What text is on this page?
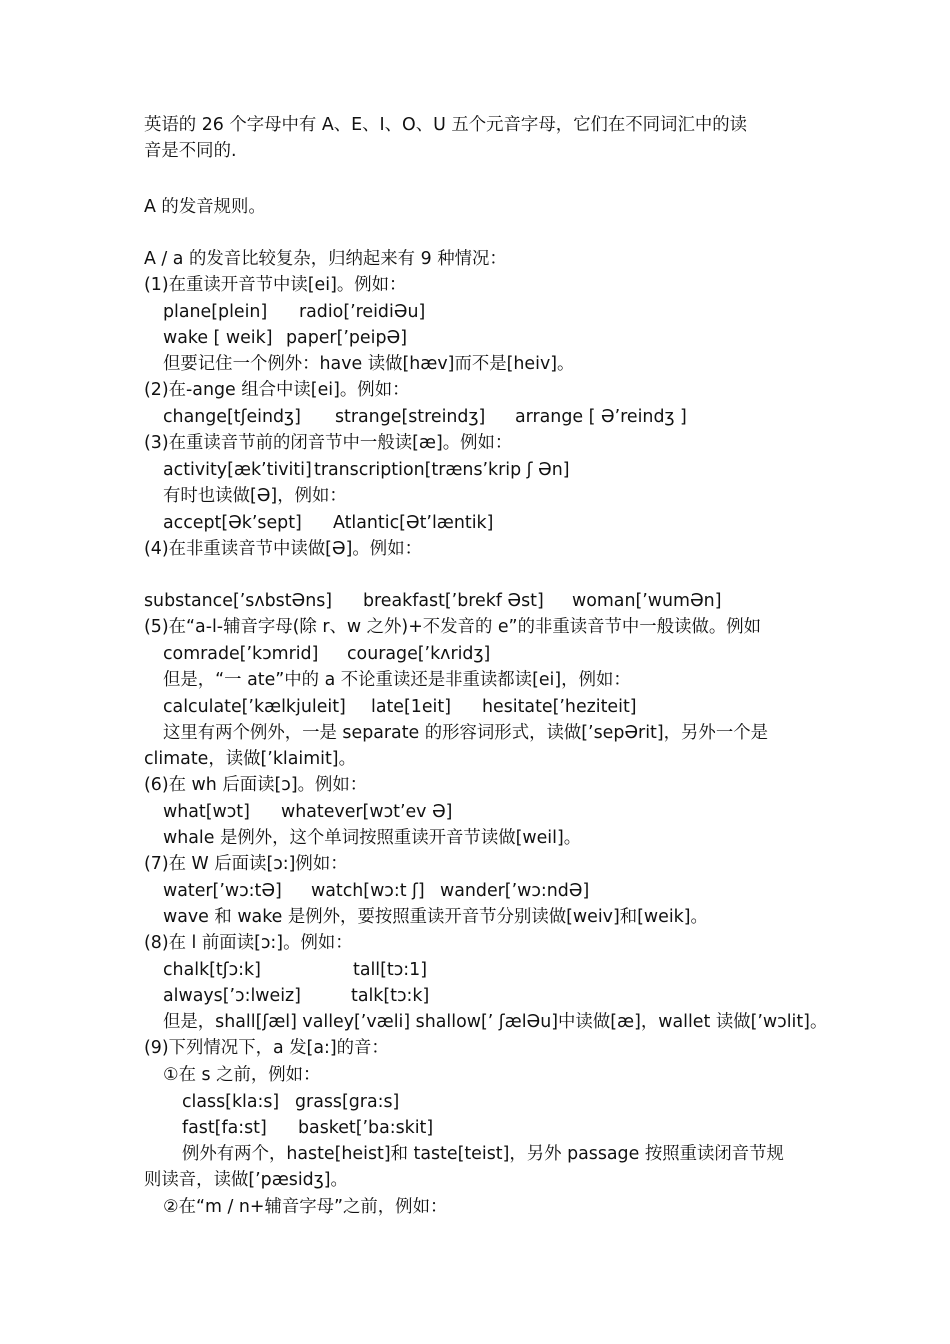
英语的 26 个字母中有 A、E、I、O、U 五个元音字母，它们在不同词汇中的读
音是不同的.
A 的发音规则。
A / a 的发音比较复杂，归纳起来有 9 种情况：
(1)在重读开音节中读[ei]。例如：
plane[plein] radio[’reidiƏu]
wake [ weik] paper[’peipƏ]
但要记住一个例外：have 读做[hæv]而不是[heiv]。
(2)在-ange 组合中读[ei]。例如：
change[tʃeindʒ] strange[streindʒ] arrange [ Ə’reindʒ ]
(3)在重读音节前的闭音节中一般读[æ]。例如：
activity[æk’tiviti] transcription[træns’krip ʃ Ən]
有时也读做[Ə]，例如：
accept[Ək’sept] Atlantic[Ət’læntik]
(4)在非重读音节中读做[Ə]。例如：
substance[’sʌbstƏns] breakfast[’brekf Əst] woman[’wumƏn]
(5)在“a-l-辅音字母(除 r、w 之外)+不发音的 e”的非重读音节中一般读做。例如
comrade[’kɔmrid] courage[’kʌridʒ]
但是，“一 ate”中的 a 不论重读还是非重读都读[ei]，例如：
calculate[’kælkjuleit] late[1eit] hesitate[’heziteit]
这里有两个例外，一是 separate 的形容词形式，读做[’sepƏrit]，另外一个是
climate，读做[’klaimit]。
(6)在 wh 后面读[ɔ]。例如：
what[wɔt] whatever[wɔt’ev Ə]
whale 是例外，这个单词按照重读开音节读做[weil]。
(7)在 W 后面读[ɔ:]例如：
water[’wɔ:tƏ] watch[wɔ:t ʃ] wander[’wɔ:ndƏ]
wave 和 wake 是例外，要按照重读开音节分别读做[weiv]和[weik]。
(8)在 l 前面读[ɔ:]。例如：
chalk[tʃɔ:k]	tall[tɔ:1]
always[’ɔ:lweiz]	talk[tɔ:k]
但是，shall[ʃæl] valley[’væli] shallow[’ ʃælƏu]中读做[æ]，wallet 读做[’wɔlit]。
(9)下列情况下，a 发[a:]的音：
①在 s 之前，例如：
class[kla:s] grass[gra:s]
fast[fa:st] basket[’ba:skit]
例外有两个，haste[heist]和 taste[teist]，另外 passage 按照重读闭音节规
则读音，读做[’pæsidʒ]。
②在“m / n+辅音字母”之前，例如：
